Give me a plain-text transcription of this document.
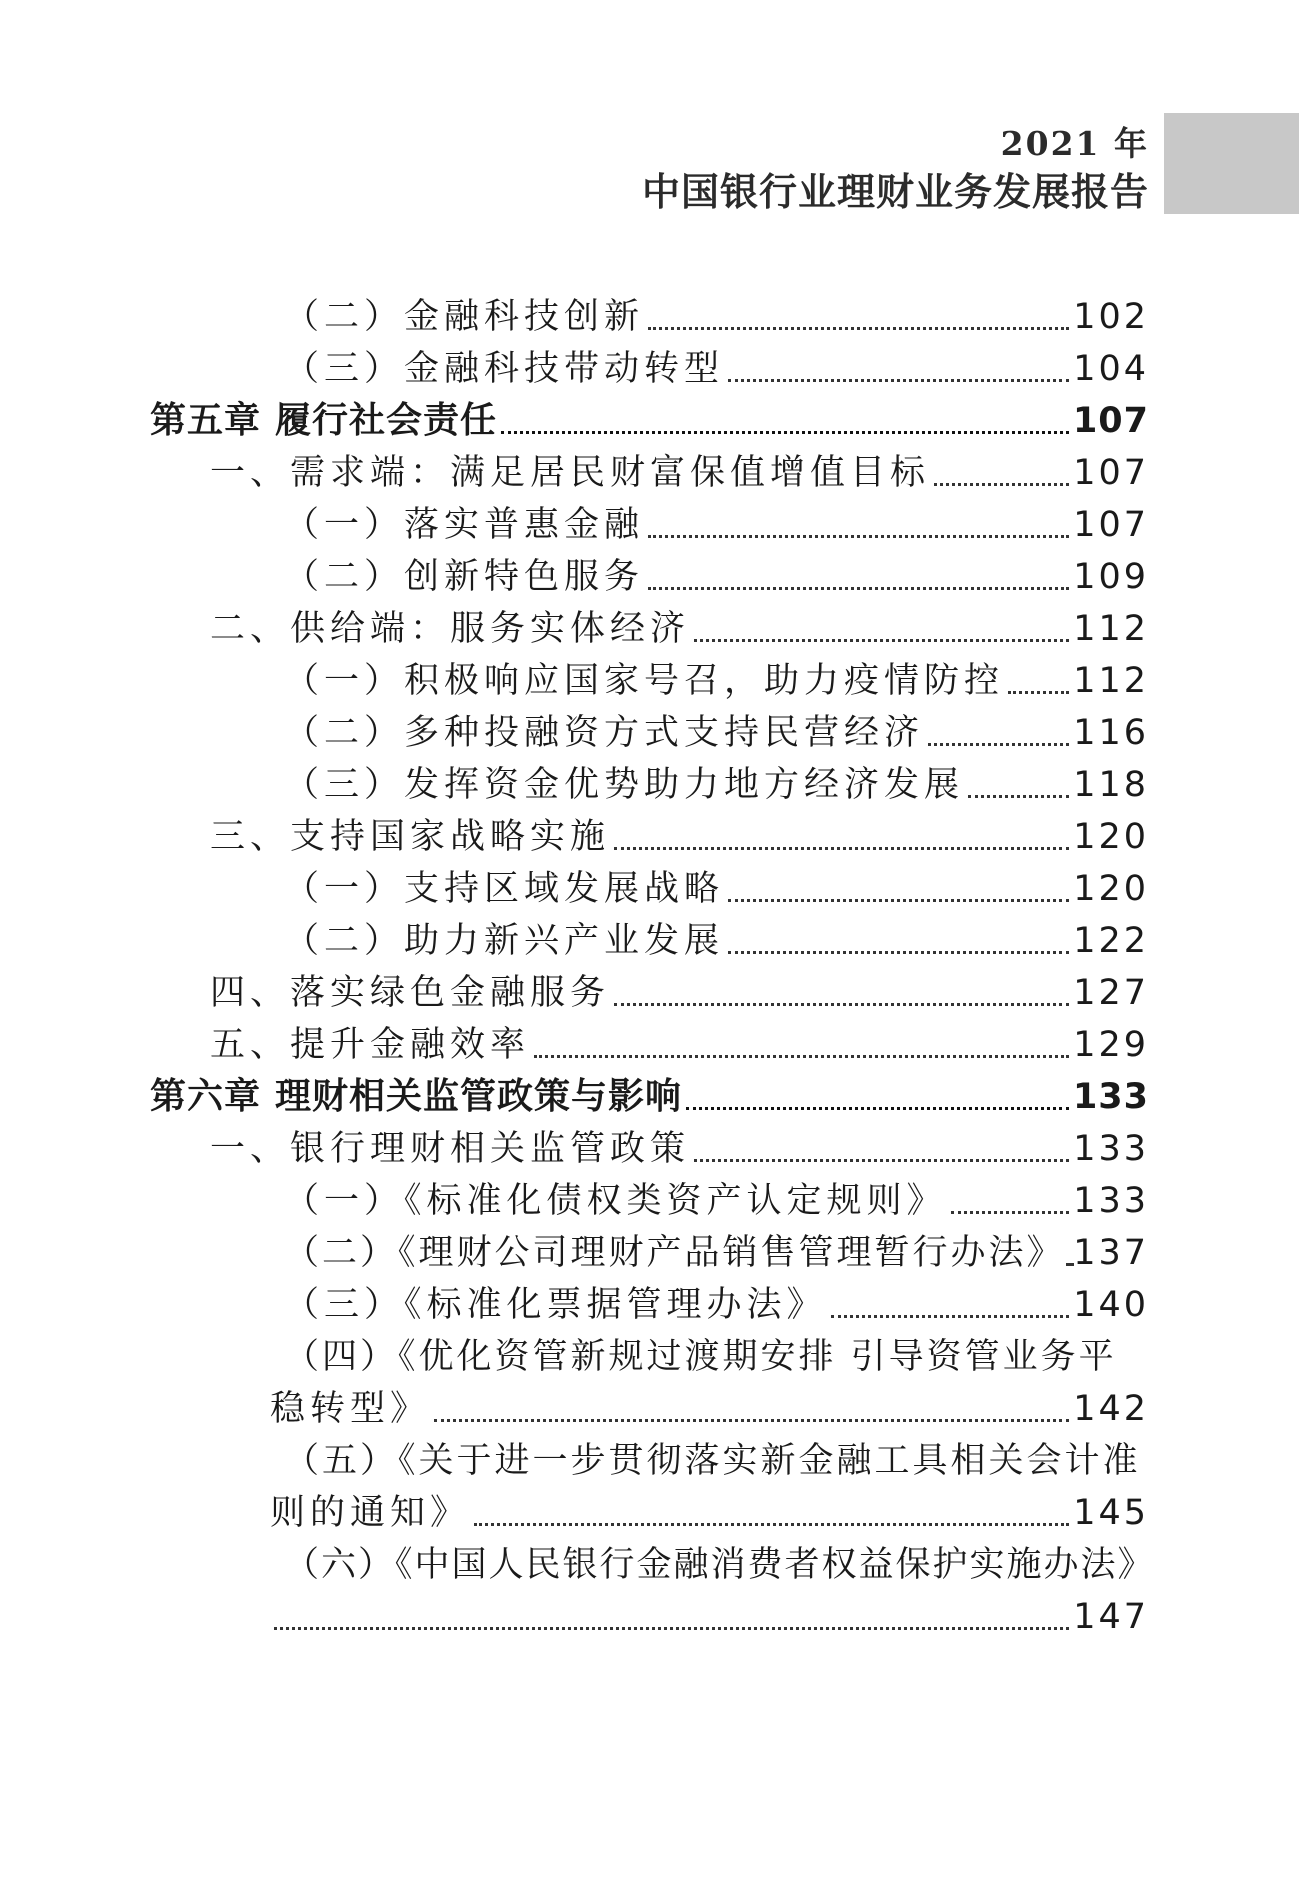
2021 年
中国银行业理财业务发展报告
（二）金融科技创新	102
（三）金融科技带动转型	104
第五章 履行社会责任	107
一、需求端：满足居民财富保值增值目标	107
（一）落实普惠金融	107
（二）创新特色服务	109
二、供给端：服务实体经济	112
（一）积极响应国家号召，助力疫情防控 112
（二）多种投融资方式支持民营经济	116
（三）发挥资金优势助力地方经济发展	118
三、支持国家战略实施	120
（一）支持区域发展战略	120
（二）助力新兴产业发展	122
四、落实绿色金融服务	127
五、提升金融效率	129
第六章 理财相关监管政策与影响	133
一、银行理财相关监管政策	133
（一）《标准化债权类资产认定规则》	133
（二）《理财公司理财产品销售管理暂行办法》 137
（三）《标准化票据管理办法》	140
（四）《优化资管新规过渡期安排 引导资管业务平
稳转型》	142
（五）《关于进一步贯彻落实新金融工具相关会计准
则的通知》	145
（六）《中国人民银行金融消费者权益保护实施办法》
147
